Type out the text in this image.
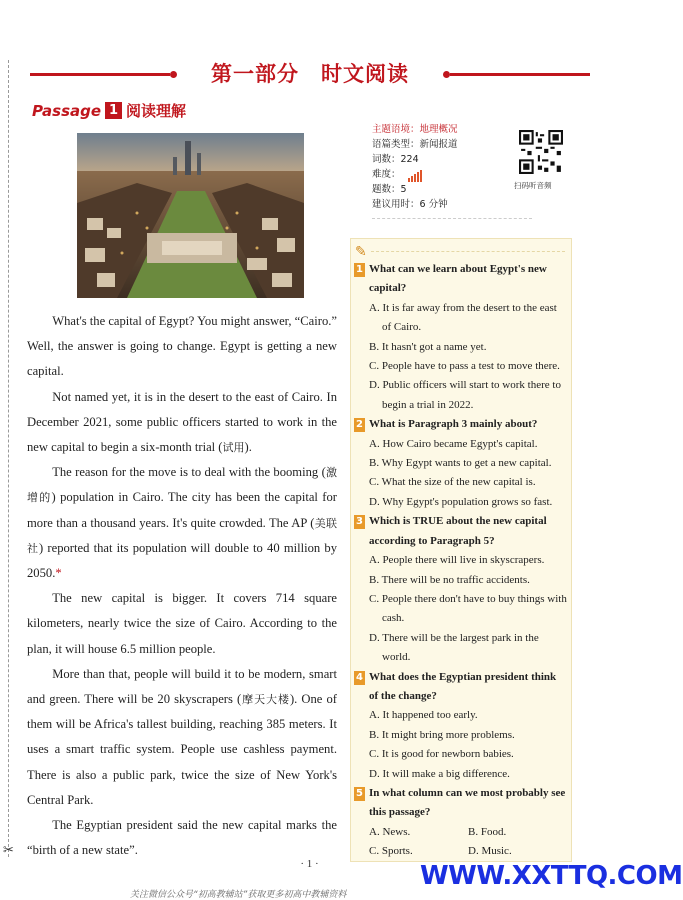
✂
第一部分　时文阅读
Passage 1 阅读理解
主题语境：地理概况
语篇类型：新闻报道
词数：224
难度：
题数：5
建议用时：6 分钟
扫码听音频

What's the capital of Egypt? You might answer, “Cairo.” Well, the answer is going to change. Egypt is getting a new capital.

Not named yet, it is in the desert to the east of Cairo. In December 2021, some public officers started to work in the new capital to begin a six-month trial (试用).

The reason for the move is to deal with the booming (激增的) population in Cairo. The city has been the capital for more than a thousand years. It's quite crowded. The AP (美联社) reported that its population will double to 40 million by 2050.*

The new capital is bigger. It covers 714 square kilometers, nearly twice the size of Cairo. According to the plan, it will house 6.5 million people.

More than that, people will build it to be modern, smart and green. There will be 20 skyscrapers (摩天大楼). One of them will be Africa's tallest building, reaching 385 meters. It uses a smart traffic system. People use cashless payment. There is also a public park, twice the size of New York's Central Park.

The Egyptian president said the new capital marks the “birth of a new state”.

✎
1 What can we learn about Egypt's new capital?
A. It is far away from the desert to the east of Cairo.
B. It hasn't got a name yet.
C. People have to pass a test to move there.
D. Public officers will start to work there to begin a trial in 2022.
2 What is Paragraph 3 mainly about?
A. How Cairo became Egypt's capital.
B. Why Egypt wants to get a new capital.
C. What the size of the new capital is.
D. Why Egypt's population grows so fast.
3 Which is TRUE about the new capital according to Paragraph 5?
A. People there will live in skyscrapers.
B. There will be no traffic accidents.
C. People there don't have to buy things with cash.
D. There will be the largest park in the world.
4 What does the Egyptian president think of the change?
A. It happened too early.
B. It might bring more problems.
C. It is good for newborn babies.
D. It will make a big difference.
5 In what column can we most probably see this passage?
A. News.	B. Food.
C. Sports.	D. Music.
· 1 ·	WWW.XXTTQ.COM
关注微信公众号“初高教辅站”获取更多初高中教辅资料
